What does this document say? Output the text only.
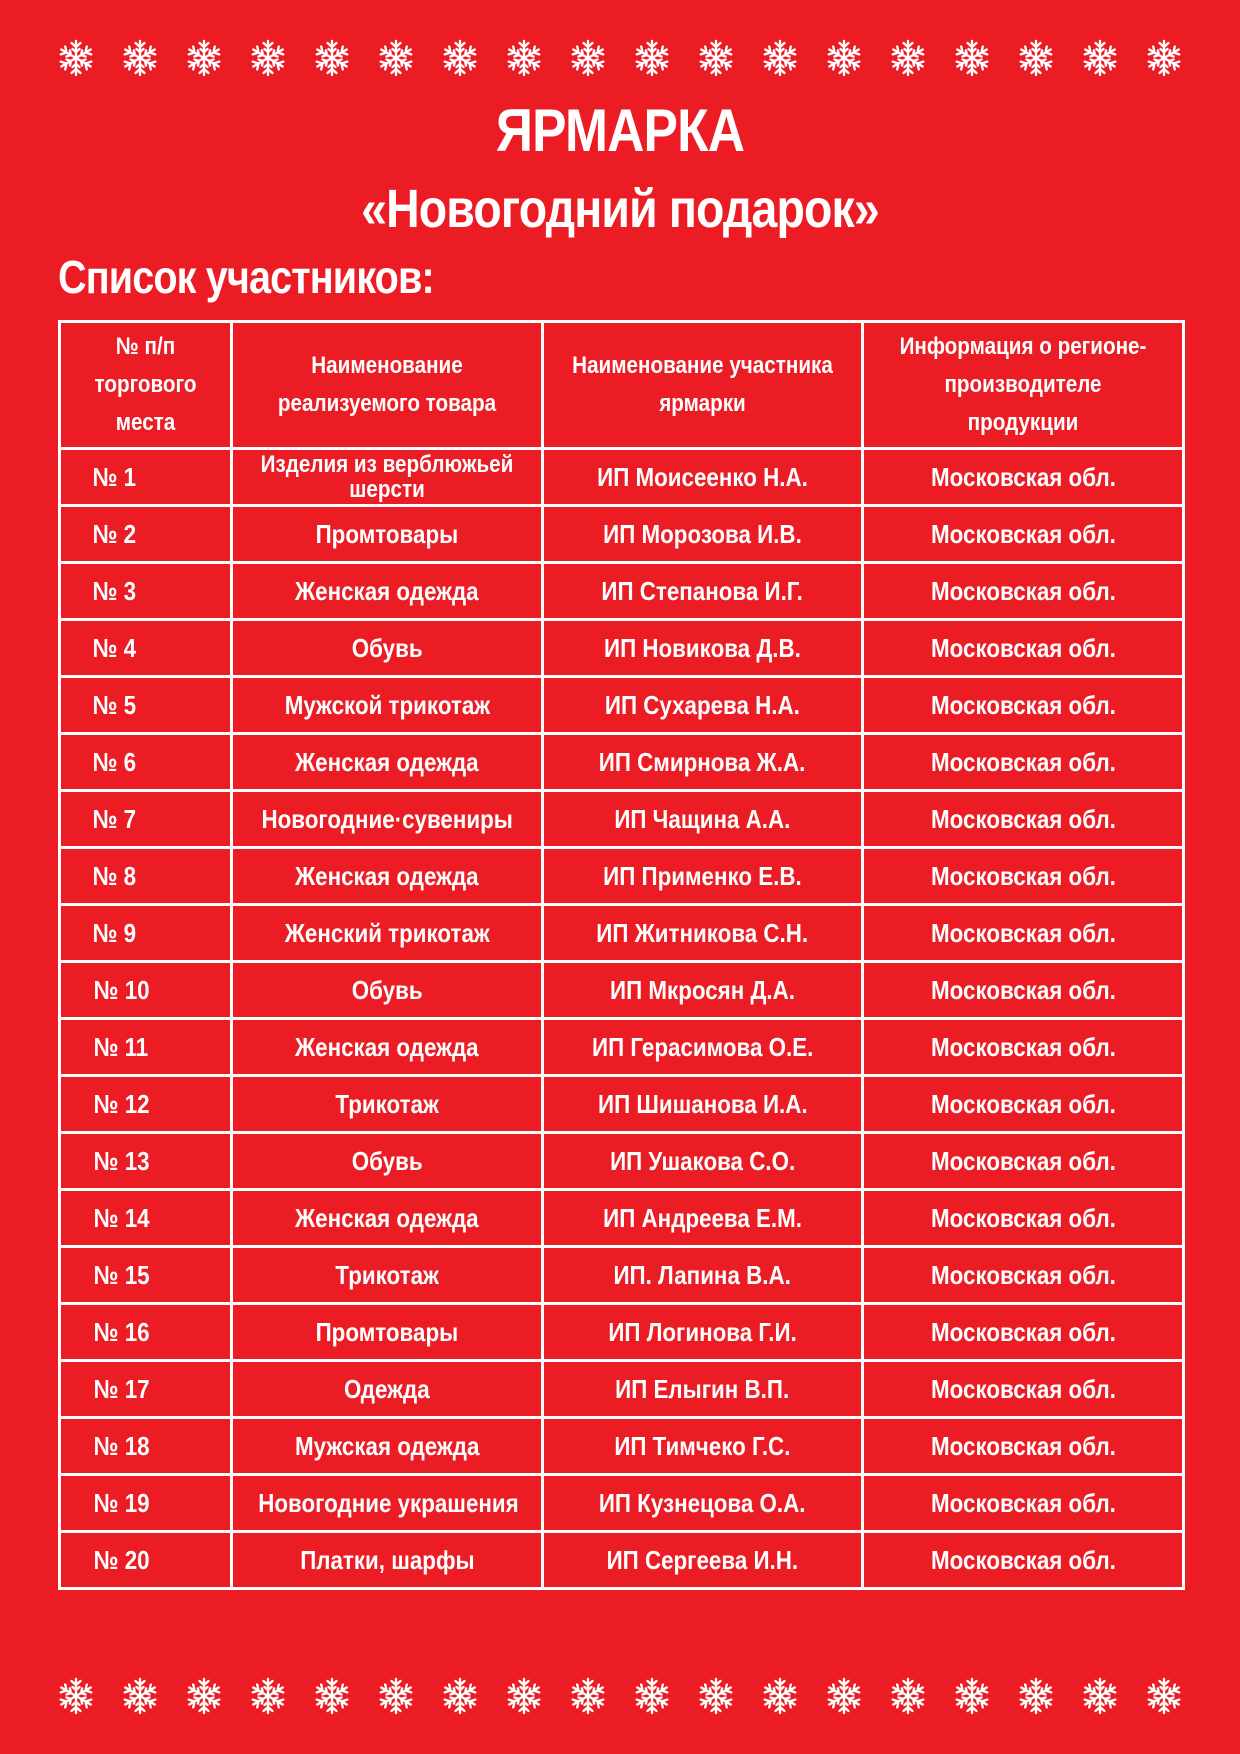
ЯРМАРКА
«Новогодний подарок»
Список участников:
№ п/п торгового места	Наименование реализуемого товара	Наименование участника ярмарки	Информация о регионе-производителе продукции
№ 1	Изделия из верблюжьей шерсти	ИП Моисеенко Н.А.	Московская обл.
№ 2	Промтовары	ИП Морозова И.В.	Московская обл.
№ 3	Женская одежда	ИП Степанова И.Г.	Московская обл.
№ 4	Обувь	ИП Новикова Д.В.	Московская обл.
№ 5	Мужской трикотаж	ИП Сухарева Н.А.	Московская обл.
№ 6	Женская одежда	ИП Смирнова Ж.А.	Московская обл.
№ 7	Новогодние·сувениры	ИП Чащина А.А.	Московская обл.
№ 8	Женская одежда	ИП Применко Е.В.	Московская обл.
№ 9	Женский трикотаж	ИП Житникова С.Н.	Московская обл.
№ 10	Обувь	ИП Мкросян Д.А.	Московская обл.
№ 11	Женская одежда	ИП Герасимова О.Е.	Московская обл.
№ 12	Трикотаж	ИП Шишанова И.А.	Московская обл.
№ 13	Обувь	ИП Ушакова С.О.	Московская обл.
№ 14	Женская одежда	ИП Андреева Е.М.	Московская обл.
№ 15	Трикотаж	ИП. Лапина В.А.	Московская обл.
№ 16	Промтовары	ИП Логинова Г.И.	Московская обл.
№ 17	Одежда	ИП Елыгин В.П.	Московская обл.
№ 18	Мужская одежда	ИП Тимчеко Г.С.	Московская обл.
№ 19	Новогодние украшения	ИП Кузнецова О.А.	Московская обл.
№ 20	Платки, шарфы	ИП Сергеева И.Н.	Московская обл.
